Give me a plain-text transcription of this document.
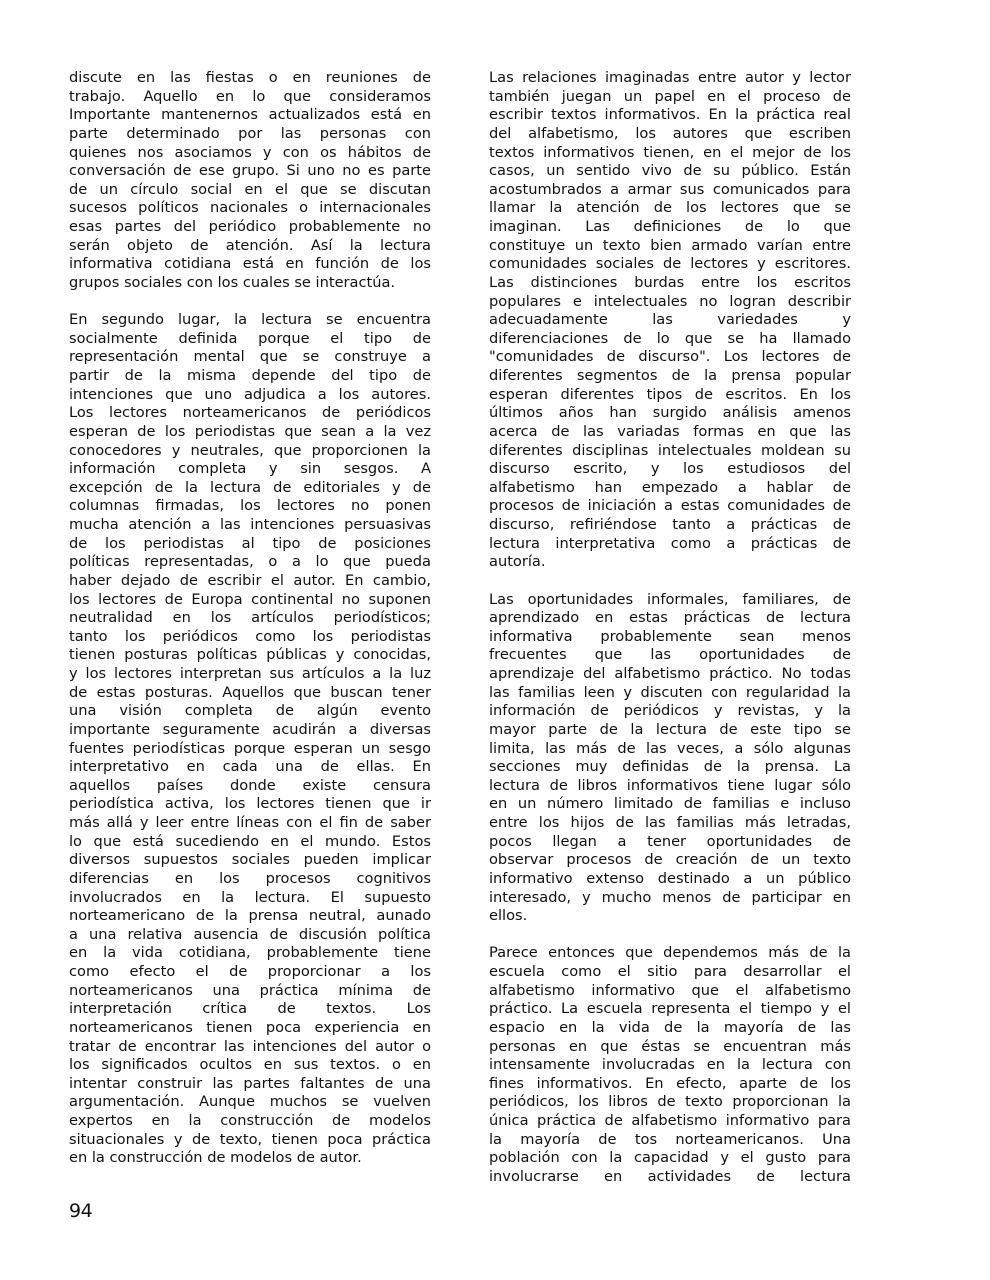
discute en las fiestas o en reuniones de
trabajo. Aquello en lo que consideramos
Importante mantenernos actualizados está en
parte determinado por las personas con
quienes nos asociamos y con os hábitos de
conversación de ese grupo. Si uno no es parte
de un círculo social en el que se discutan
sucesos políticos nacionales o internacionales
esas partes del periódico probablemente no
serán objeto de atención. Así la lectura
informativa cotidiana está en función de los
grupos sociales con los cuales se interactúa.
En segundo lugar, la lectura se encuentra
socialmente definida porque el tipo de
representación mental que se construye a
partir de la misma depende del tipo de
intenciones que uno adjudica a los autores.
Los lectores norteamericanos de periódicos
esperan de los periodistas que sean a la vez
conocedores y neutrales, que proporcionen la
información completa y sin sesgos. A
excepción de la lectura de editoriales y de
columnas firmadas, los lectores no ponen
mucha atención a las intenciones persuasivas
de los periodistas al tipo de posiciones
políticas representadas, o a lo que pueda
haber dejado de escribir el autor. En cambio,
los lectores de Europa continental no suponen
neutralidad en los artículos periodísticos;
tanto los periódicos como los periodistas
tienen posturas políticas públicas y conocidas,
y los lectores interpretan sus artículos a la luz
de estas posturas. Aquellos que buscan tener
una visión completa de algún evento
importante seguramente acudirán a diversas
fuentes periodísticas porque esperan un sesgo
interpretativo en cada una de ellas. En
aquellos países donde existe censura
periodística activa, los lectores tienen que ir
más allá y leer entre líneas con el fin de saber
lo que está sucediendo en el mundo. Estos
diversos supuestos sociales pueden implicar
diferencias en los procesos cognitivos
involucrados en la lectura. El supuesto
norteamericano de la prensa neutral, aunado
a una relativa ausencia de discusión política
en la vida cotidiana, probablemente tiene
como efecto el de proporcionar a los
norteamericanos una práctica mínima de
interpretación crítica de textos. Los
norteamericanos tienen poca experiencia en
tratar de encontrar las intenciones del autor o
los significados ocultos en sus textos. o en
intentar construir las partes faltantes de una
argumentación. Aunque muchos se vuelven
expertos en la construcción de modelos
situacionales y de texto, tienen poca práctica
en la construcción de modelos de autor.
Las relaciones imaginadas entre autor y lector
también juegan un papel en el proceso de
escribir textos informativos. En la práctica real
del alfabetismo, los autores que escriben
textos informativos tienen, en el mejor de los
casos, un sentido vivo de su público. Están
acostumbrados a armar sus comunicados para
llamar la atención de los lectores que se
imaginan. Las definiciones de lo que
constituye un texto bien armado varían entre
comunidades sociales de lectores y escritores.
Las distinciones burdas entre los escritos
populares e intelectuales no logran describir
adecuadamente las variedades y
diferenciaciones de lo que se ha llamado
"comunidades de discurso". Los lectores de
diferentes segmentos de la prensa popular
esperan diferentes tipos de escritos. En los
últimos años han surgido análisis amenos
acerca de las variadas formas en que las
diferentes disciplinas intelectuales moldean su
discurso escrito, y los estudiosos del
alfabetismo han empezado a hablar de
procesos de iniciación a estas comunidades de
discurso, refiriéndose tanto a prácticas de
lectura interpretativa como a prácticas de
autoría.
Las oportunidades informales, familiares, de
aprendizado en estas prácticas de lectura
informativa probablemente sean menos
frecuentes que las oportunidades de
aprendizaje del alfabetismo práctico. No todas
las familias leen y discuten con regularidad la
información de periódicos y revistas, y la
mayor parte de la lectura de este tipo se
limita, las más de las veces, a sólo algunas
secciones muy definidas de la prensa. La
lectura de libros informativos tiene lugar sólo
en un número limitado de familias e incluso
entre los hijos de las familias más letradas,
pocos llegan a tener oportunidades de
observar procesos de creación de un texto
informativo extenso destinado a un público
interesado, y mucho menos de participar en
ellos.
Parece entonces que dependemos más de la
escuela como el sitio para desarrollar el
alfabetismo informativo que el alfabetismo
práctico. La escuela representa el tiempo y el
espacio en la vida de la mayoría de las
personas en que éstas se encuentran más
intensamente involucradas en la lectura con
fines informativos. En efecto, aparte de los
periódicos, los libros de texto proporcionan la
única práctica de alfabetismo informativo para
la mayoría de tos norteamericanos. Una
población con la capacidad y el gusto para
involucrarse en actividades de lectura
94
